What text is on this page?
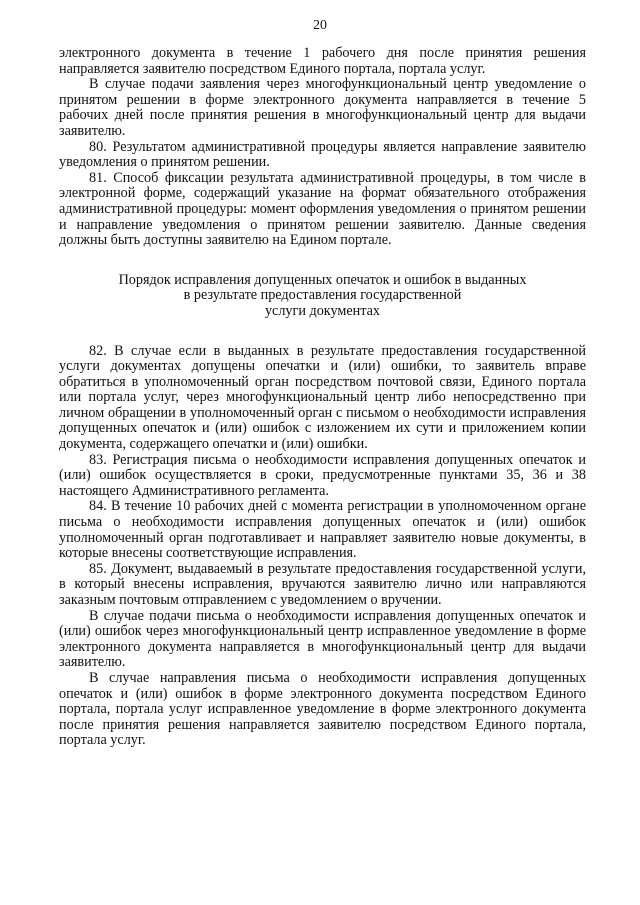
20

электронного документа в течение 1 рабочего дня после принятия решения направляется заявителю посредством Единого портала, портала услуг.

В случае подачи заявления через многофункциональный центр уведомление о принятом решении в форме электронного документа направляется в течение 5 рабочих дней после принятия решения в многофункциональный центр для выдачи заявителю.

80. Результатом административной процедуры является направление заявителю уведомления о принятом решении.

81. Способ фиксации результата административной процедуры, в том числе в электронной форме, содержащий указание на формат обязательного отображения административной процедуры: момент оформления уведомления о принятом решении и направление уведомления о принятом решении заявителю. Данные сведения должны быть доступны заявителю на Едином портале.

Порядок исправления допущенных опечаток и ошибок в выданных
в результате предоставления государственной
услуги документах

82. В случае если в выданных в результате предоставления государственной услуги документах допущены опечатки и (или) ошибки, то заявитель вправе обратиться в уполномоченный орган посредством почтовой связи, Единого портала или портала услуг, через многофункциональный центр либо непосредственно при личном обращении в уполномоченный орган с письмом о необходимости исправления допущенных опечаток и (или) ошибок с изложением их сути и приложением копии документа, содержащего опечатки и (или) ошибки.

83. Регистрация письма о необходимости исправления допущенных опечаток и (или) ошибок осуществляется в сроки, предусмотренные пунктами 35, 36 и 38 настоящего Административного регламента.

84. В течение 10 рабочих дней с момента регистрации в уполномоченном органе письма о необходимости исправления допущенных опечаток и (или) ошибок уполномоченный орган подготавливает и направляет заявителю новые документы, в которые внесены соответствующие исправления.

85. Документ, выдаваемый в результате предоставления государственной услуги, в который внесены исправления, вручаются заявителю лично или направляются заказным почтовым отправлением с уведомлением о вручении.

В случае подачи письма о необходимости исправления допущенных опечаток и (или) ошибок через многофункциональный центр исправленное уведомление в форме электронного документа направляется в многофункциональный центр для выдачи заявителю.

В случае направления письма о необходимости исправления допущенных опечаток и (или) ошибок в форме электронного документа посредством Единого портала, портала услуг исправленное уведомление в форме электронного документа после принятия решения направляется заявителю посредством Единого портала, портала услуг.
